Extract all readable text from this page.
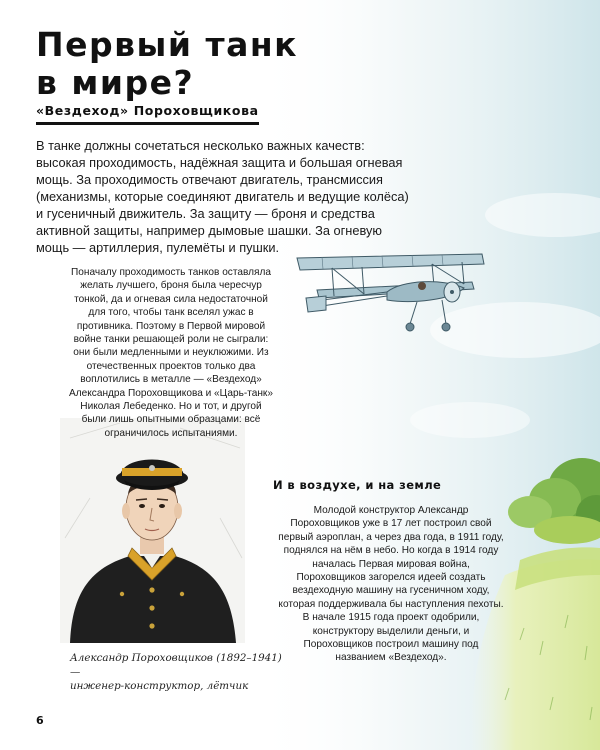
Первый танк
в мире?
«Вездеход» Пороховщикова

В танке должны сочетаться несколько важных качеств: высокая проходимость, надёжная защита и большая огневая мощь. За проходимость отвечают двигатель, трансмиссия (механизмы, которые соединяют двигатель и ведущие колёса) и гусеничный движитель. За защиту — броня и средства активной защиты, например дымовые шашки. За огневую мощь — артиллерия, пулемёты и пушки.

Поначалу проходимость танков оставляла желать лучшего, броня была чересчур тонкой, да и огневая сила недостаточной для того, чтобы танк вселял ужас в противника. Поэтому в Первой мировой войне танки решающей роли не сыграли: они были медленными и неуклюжими. Из отечественных проектов только два воплотились в металле — «Вездеход» Александра Пороховщикова и «Царь-танк» Николая Лебеденко. Но и тот, и другой были лишь опытными образцами: всё ограничилось испытаниями.

И в воздухе, и на земле

Молодой конструктор Александр Пороховщиков уже в 17 лет построил свой первый аэроплан, а через два года, в 1911 году, поднялся на нём в небо. Но когда в 1914 году началась Первая мировая война, Пороховщиков загорелся идеей создать вездеходную машину на гусеничном ходу, которая поддерживала бы наступления пехоты. В начале 1915 года проект одобрили, конструктору выделили деньги, и Пороховщиков построил машину под названием «Вездеход».

Александр Пороховщиков (1892–1941) —
инженер-конструктор, лётчик

6
